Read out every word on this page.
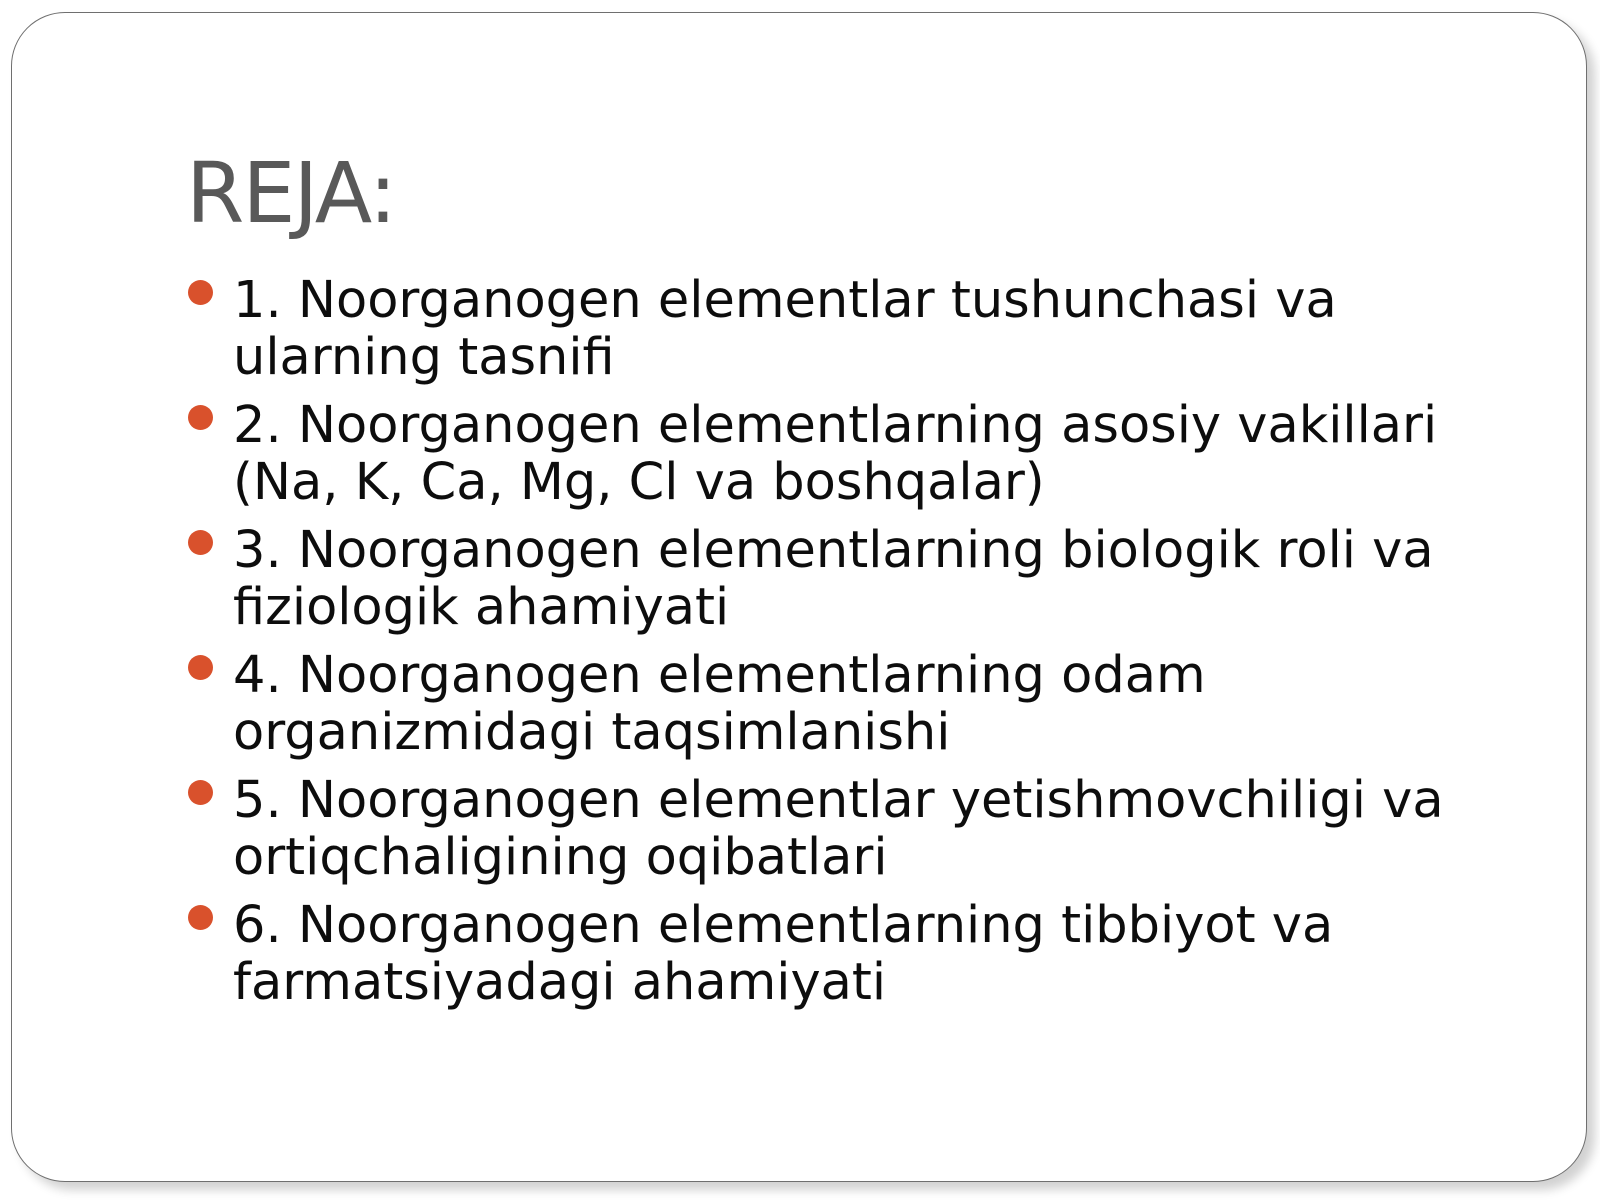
REJA:
1. Noorganogen elementlar tushunchasi va ularning tasnifi
2. Noorganogen elementlarning asosiy vakillari (Na, K, Ca, Mg, Cl va boshqalar)
3. Noorganogen elementlarning biologik roli va fiziologik ahamiyati
4. Noorganogen elementlarning odam organizmidagi taqsimlanishi
5. Noorganogen elementlar yetishmovchiligi va ortiqchaligining oqibatlari
6. Noorganogen elementlarning tibbiyot va farmatsiyadagi ahamiyati
